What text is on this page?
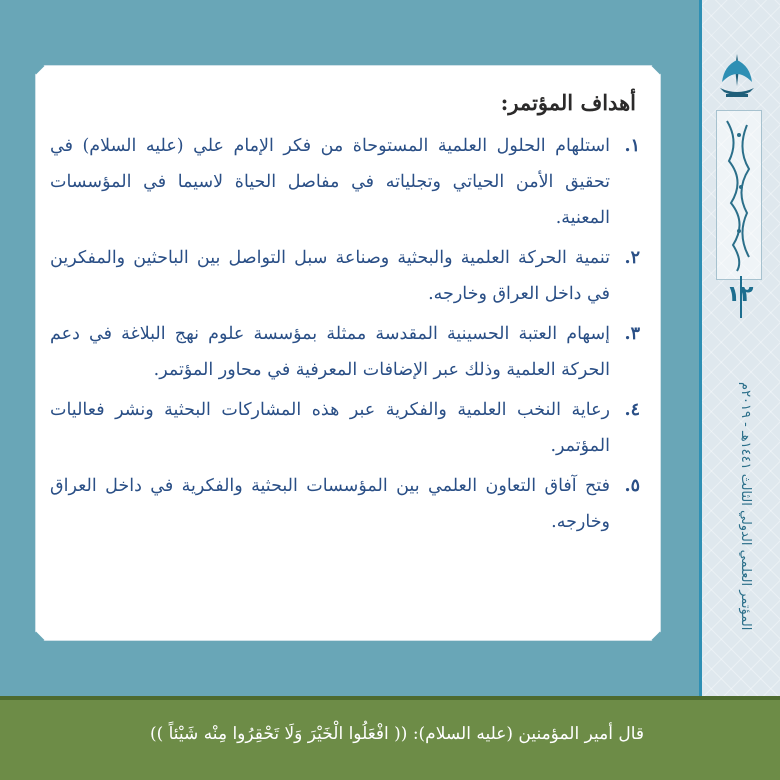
١٢
المؤتمر العلمي الدولي الثالث ١٤٤١هـ - ٢٠١٩م
أهداف المؤتمر:
١.
استلهام الحلول العلمية المستوحاة من فكر الإمام علي (عليه السلام) في تحقيق الأمن الحياتي وتجلياته في مفاصل الحياة لاسيما في المؤسسات المعنية.
٢.
تنمية الحركة العلمية والبحثية وصناعة سبل التواصل بين الباحثين والمفكرين في داخل العراق وخارجه.
٣.
إسهام العتبة الحسينية المقدسة ممثلة بمؤسسة علوم نهج البلاغة في دعم الحركة العلمية وذلك عبر الإضافات المعرفية في محاور المؤتمر.
٤.
رعاية النخب العلمية والفكرية عبر هذه المشاركات البحثية ونشر فعاليات المؤتمر.
٥.
فتح آفاق التعاون العلمي بين المؤسسات البحثية والفكرية في داخل العراق وخارجه.
قال أمير المؤمنين (عليه السلام): (( افْعَلُوا الْخَيْرَ وَلَا تَحْقِرُوا مِنْه شَيْئاً ))
